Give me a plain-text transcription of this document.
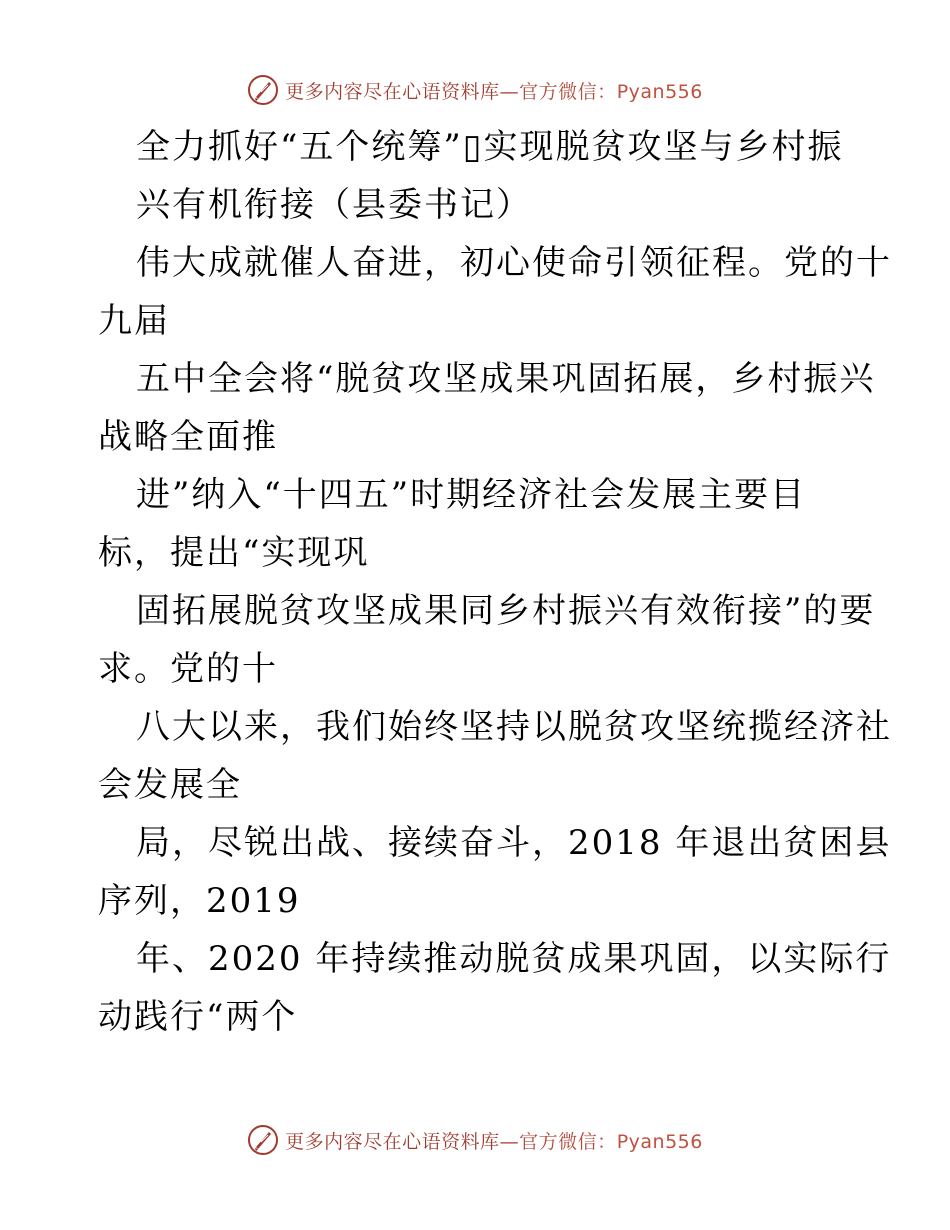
更多内容尽在心语资料库—官方微信：Pyan556
全力抓好“五个统筹”▯实现脱贫攻坚与乡村振
兴有机衔接（县委书记）
伟大成就催人奋进，初心使命引领征程。党的十
九届
五中全会将“脱贫攻坚成果巩固拓展，乡村振兴
战略全面推
进”纳入“十四五”时期经济社会发展主要目
标，提出“实现巩
固拓展脱贫攻坚成果同乡村振兴有效衔接”的要
求。党的十
八大以来，我们始终坚持以脱贫攻坚统揽经济社
会发展全
局，尽锐出战、接续奋斗，2018 年退出贫困县
序列，2019
年、2020 年持续推动脱贫成果巩固，以实际行
动践行“两个
更多内容尽在心语资料库—官方微信：Pyan556
